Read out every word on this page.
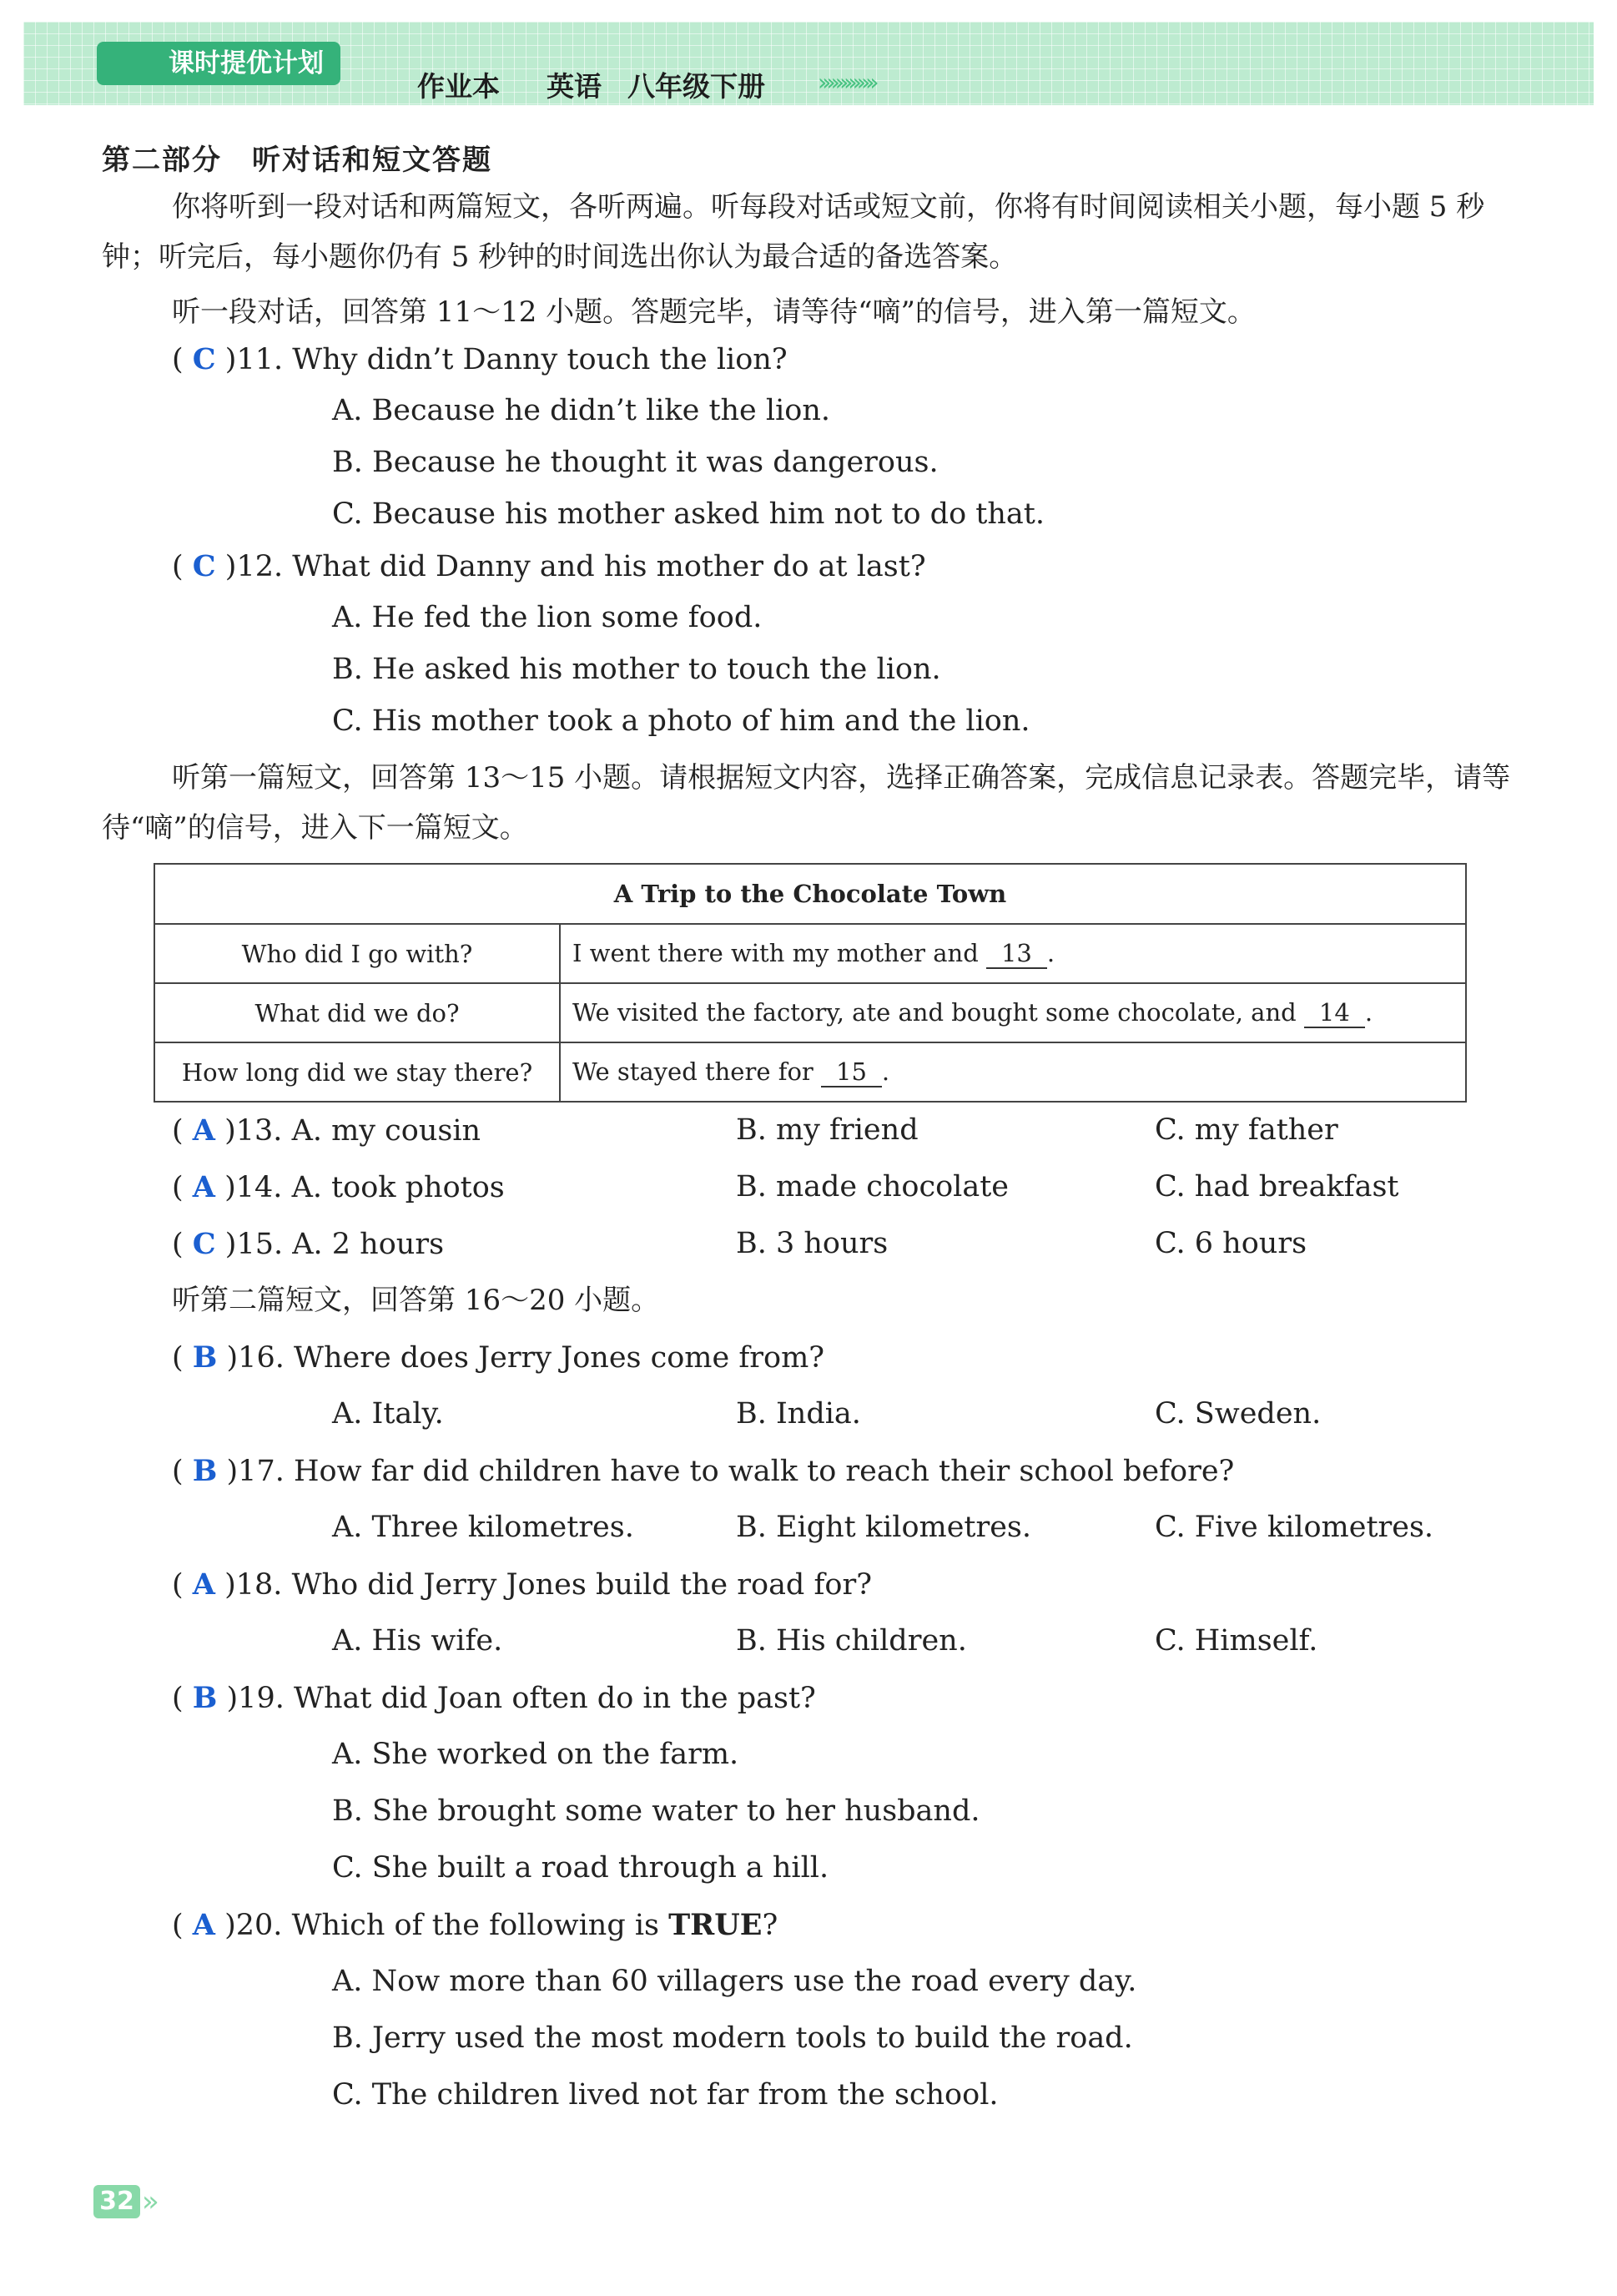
课时提优计划
作业本 英语 八年级下册 ›››››››››››››
第二部分　听对话和短文答题
你将听到一段对话和两篇短文，各听两遍。听每段对话或短文前，你将有时间阅读相关小题，每小题 5 秒钟；听完后，每小题你仍有 5 秒钟的时间选出你认为最合适的备选答案。
听一段对话，回答第 11～12 小题。答题完毕，请等待“嘀”的信号，进入第一篇短文。
( C )11. Why didn’t Danny touch the lion?
A. Because he didn’t like the lion.
B. Because he thought it was dangerous.
C. Because his mother asked him not to do that.
( C )12. What did Danny and his mother do at last?
A. He fed the lion some food.
B. He asked his mother to touch the lion.
C. His mother took a photo of him and the lion.
听第一篇短文，回答第 13～15 小题。请根据短文内容，选择正确答案，完成信息记录表。答题完毕，请等待“嘀”的信号，进入下一篇短文。
A Trip to the Chocolate Town	
Who did I go with?	I went there with my mother and 13 .
What did we do?	We visited the factory, ate and bought some chocolate, and 14 .
How long did we stay there?	We stayed there for 15 .
( A )13. A. my cousin	B. my friend	C. my father
( A )14. A. took photos	B. made chocolate	C. had breakfast
( C )15. A. 2 hours	B. 3 hours	C. 6 hours
听第二篇短文，回答第 16～20 小题。
( B )16. Where does Jerry Jones come from?
A. Italy.	B. India.	C. Sweden.
( B )17. How far did children have to walk to reach their school before?
A. Three kilometres.	B. Eight kilometres.	C. Five kilometres.
( A )18. Who did Jerry Jones build the road for?
A. His wife.	B. His children.	C. Himself.
( B )19. What did Joan often do in the past?
A. She worked on the farm.
B. She brought some water to her husband.
C. She built a road through a hill.
( A )20. Which of the following is TRUE?
A. Now more than 60 villagers use the road every day.
B. Jerry used the most modern tools to build the road.
C. The children lived not far from the school.
32 »
